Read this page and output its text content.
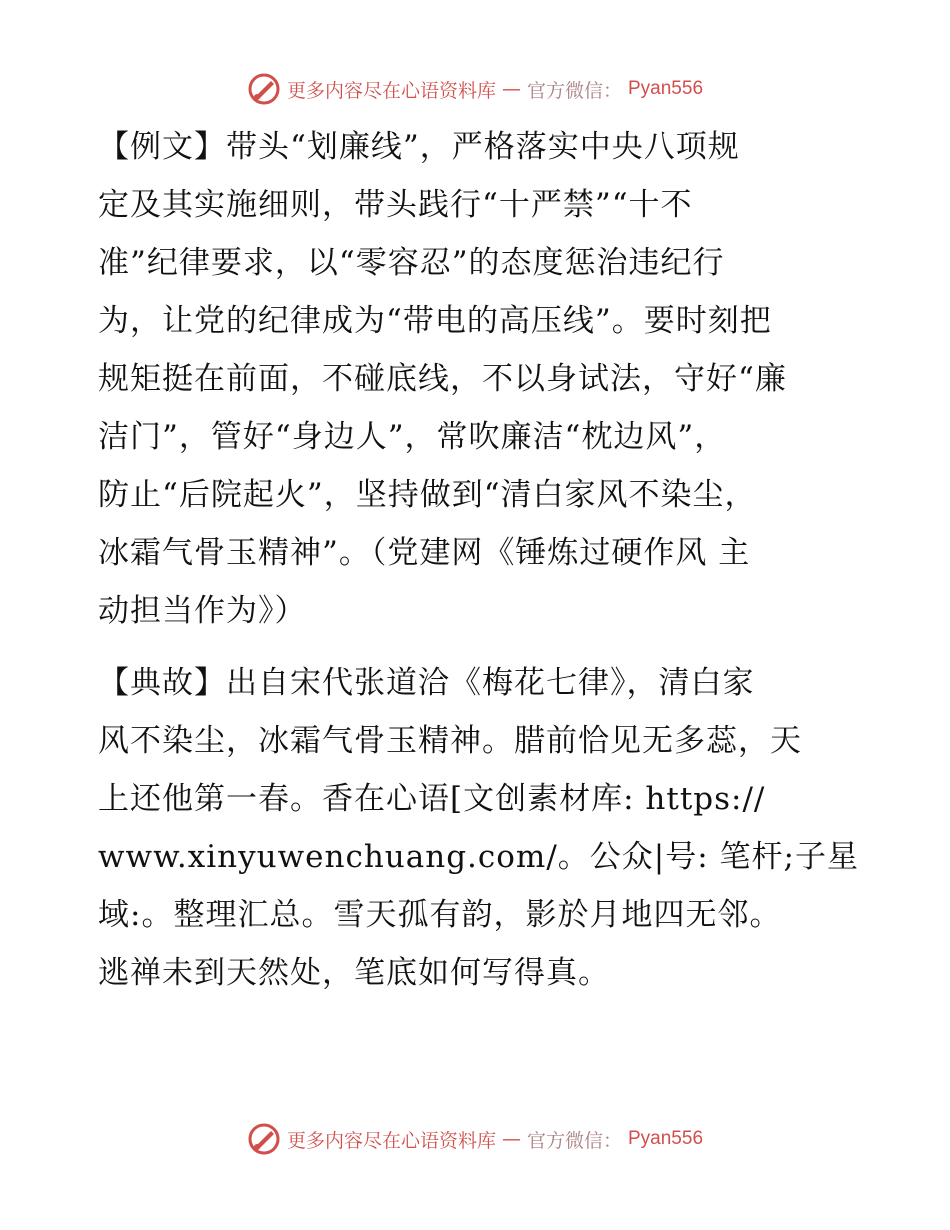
更多内容尽在心语资料库 — 官方微信： Pyan556

【例文】带头“划廉线”，严格落实中央八项规
定及其实施细则，带头践行“十严禁”“十不
准”纪律要求，以“零容忍”的态度惩治违纪行
为，让党的纪律成为“带电的高压线”。要时刻把
规矩挺在前面，不碰底线，不以身试法，守好“廉
洁门”，管好“身边人”，常吹廉洁“枕边风”，
防止“后院起火”，坚持做到“清白家风不染尘，
冰霜气骨玉精神”。（党建网《锤炼过硬作风 主
动担当作为》）

【典故】出自宋代张道洽《梅花七律》，清白家
风不染尘，冰霜气骨玉精神。腊前恰见无多蕊，天
上还他第一春。香在心语[文创素材库: https://
www.xinyuwenchuang.com/。公众|号: 笔杆;子星
域:。整理汇总。雪天孤有韵，影於月地四无邻。
逃禅未到天然处，笔底如何写得真。

更多内容尽在心语资料库 — 官方微信： Pyan556
